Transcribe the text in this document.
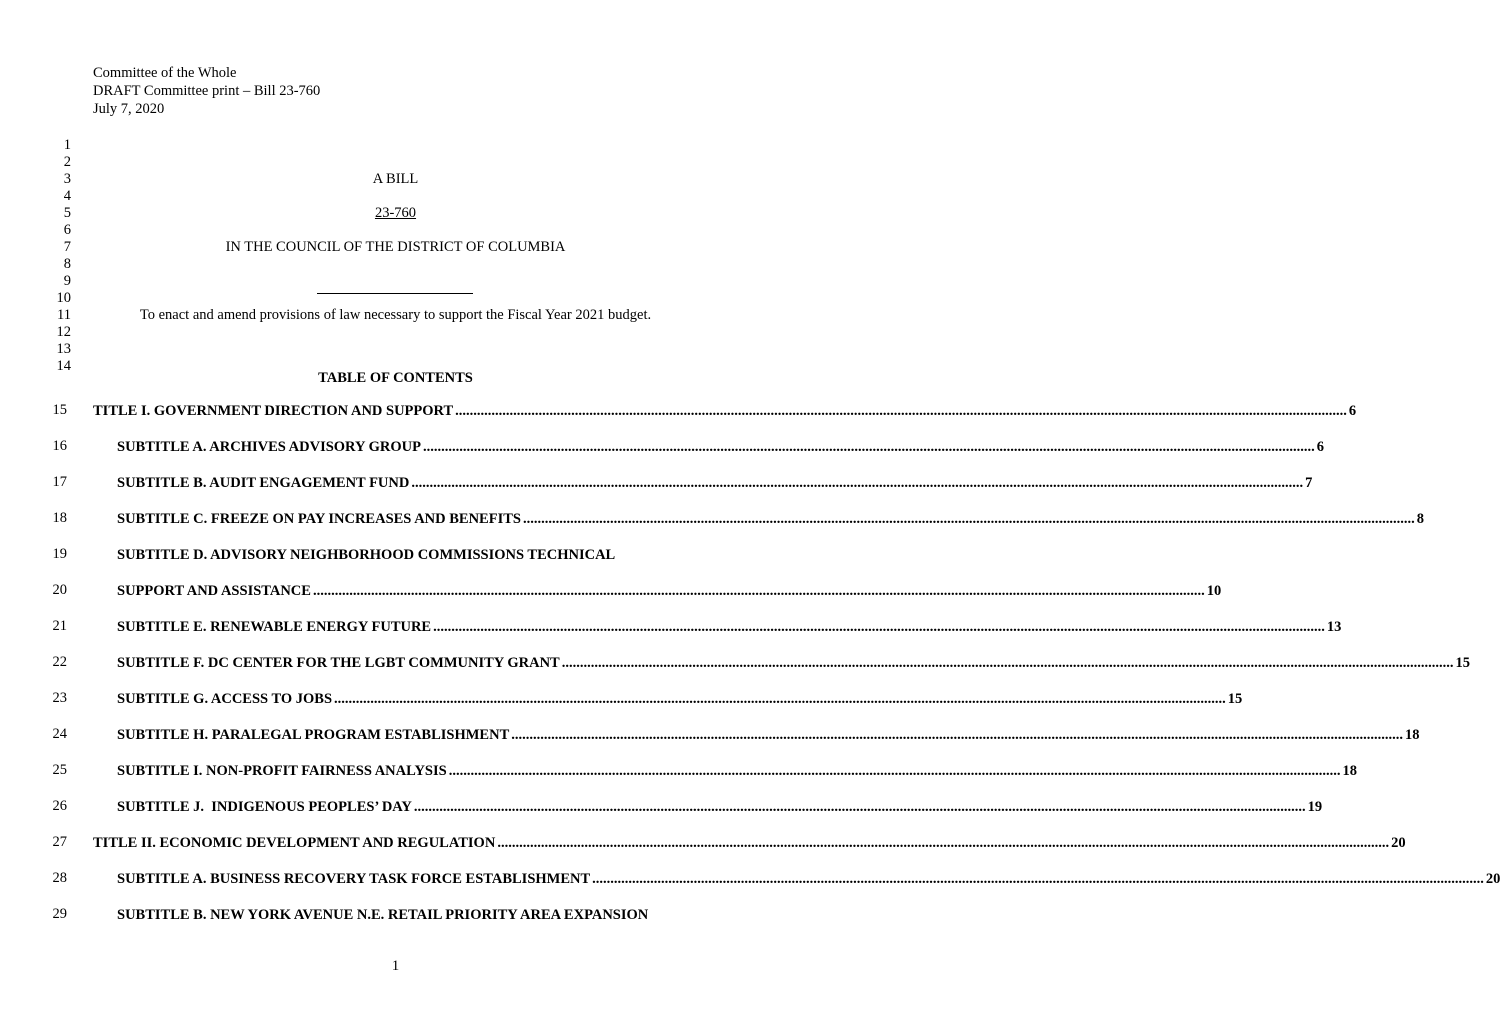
Committee of the Whole
DRAFT Committee print – Bill 23-760
July 7, 2020
1
2
3
4
5
6
7
8
9
10
11
12
13
14
A BILL
23-760
IN THE COUNCIL OF THE DISTRICT OF COLUMBIA
To enact and amend provisions of law necessary to support the Fiscal Year 2021 budget.
TABLE OF CONTENTS
15
16
17
18
19
20
21
22
23
24
25
26
27
28
29
TITLE I. GOVERNMENT DIRECTION AND SUPPORT ...................................................................................................................................................................................................................................................... 6
SUBTITLE A. ARCHIVES ADVISORY GROUP ...................................................................................................................................................................................................................................................... 6
SUBTITLE B. AUDIT ENGAGEMENT FUND ...................................................................................................................................................................................................................................................... 7
SUBTITLE C. FREEZE ON PAY INCREASES AND BENEFITS ...................................................................................................................................................................................................................................................... 8
SUBTITLE D. ADVISORY NEIGHBORHOOD COMMISSIONS TECHNICAL
SUPPORT AND ASSISTANCE ...................................................................................................................................................................................................................................................... 10
SUBTITLE E. RENEWABLE ENERGY FUTURE ...................................................................................................................................................................................................................................................... 13
SUBTITLE F. DC CENTER FOR THE LGBT COMMUNITY GRANT ...................................................................................................................................................................................................................................................... 15
SUBTITLE G. ACCESS TO JOBS ...................................................................................................................................................................................................................................................... 15
SUBTITLE H. PARALEGAL PROGRAM ESTABLISHMENT ...................................................................................................................................................................................................................................................... 18
SUBTITLE I. NON-PROFIT FAIRNESS ANALYSIS ...................................................................................................................................................................................................................................................... 18
SUBTITLE J.  INDIGENOUS PEOPLES’ DAY ...................................................................................................................................................................................................................................................... 19
TITLE II. ECONOMIC DEVELOPMENT AND REGULATION ...................................................................................................................................................................................................................................................... 20
SUBTITLE A. BUSINESS RECOVERY TASK FORCE ESTABLISHMENT ...................................................................................................................................................................................................................................................... 20
SUBTITLE B. NEW YORK AVENUE N.E. RETAIL PRIORITY AREA EXPANSION
1
